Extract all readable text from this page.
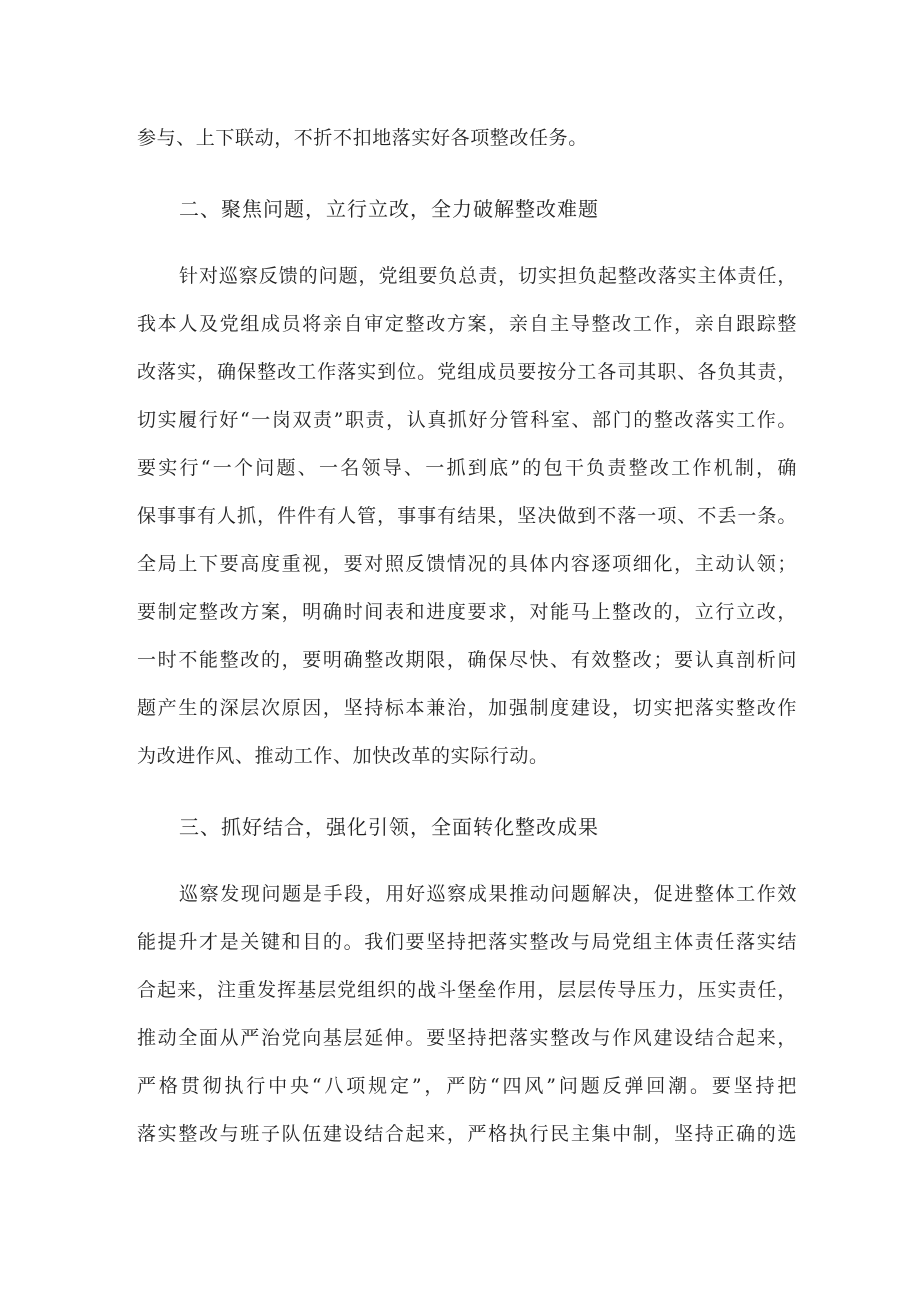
参与、上下联动，不折不扣地落实好各项整改任务。
二、聚焦问题，立行立改，全力破解整改难题
针对巡察反馈的问题，党组要负总责，切实担负起整改落实主体责任，
我本人及党组成员将亲自审定整改方案，亲自主导整改工作，亲自跟踪整
改落实，确保整改工作落实到位。党组成员要按分工各司其职、各负其责，
切实履行好“一岗双责”职责，认真抓好分管科室、部门的整改落实工作。
要实行“一个问题、一名领导、一抓到底”的包干负责整改工作机制，确
保事事有人抓，件件有人管，事事有结果，坚决做到不落一项、不丢一条。
全局上下要高度重视，要对照反馈情况的具体内容逐项细化，主动认领；
要制定整改方案，明确时间表和进度要求，对能马上整改的，立行立改，
一时不能整改的，要明确整改期限，确保尽快、有效整改；要认真剖析问
题产生的深层次原因，坚持标本兼治，加强制度建设，切实把落实整改作
为改进作风、推动工作、加快改革的实际行动。
三、抓好结合，强化引领，全面转化整改成果
巡察发现问题是手段，用好巡察成果推动问题解决，促进整体工作效
能提升才是关键和目的。我们要坚持把落实整改与局党组主体责任落实结
合起来，注重发挥基层党组织的战斗堡垒作用，层层传导压力，压实责任，
推动全面从严治党向基层延伸。要坚持把落实整改与作风建设结合起来，
严格贯彻执行中央“八项规定”，严防“四风”问题反弹回潮。要坚持把
落实整改与班子队伍建设结合起来，严格执行民主集中制，坚持正确的选
